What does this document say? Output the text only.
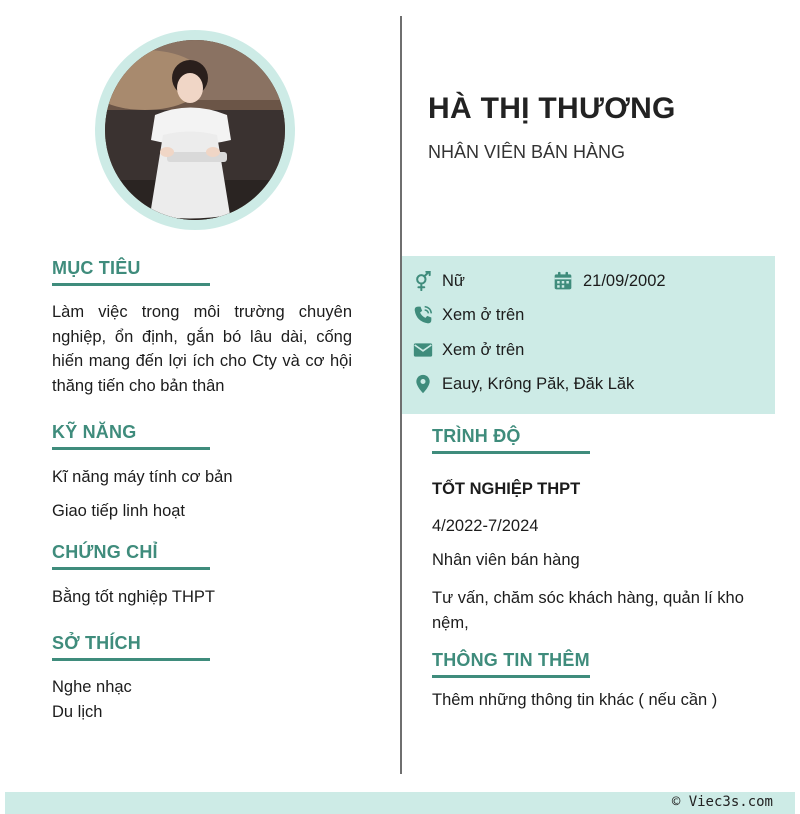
MỤC TIÊU
Làm việc trong môi trường chuyên nghiệp, ổn định, gắn bó lâu dài, cống hiến mang đến lợi ích cho Cty và cơ hội thăng tiến cho bản thân
KỸ NĂNG
Kĩ năng máy tính cơ bản
Giao tiếp linh hoạt
CHỨNG CHỈ
Bằng tốt nghiệp THPT
SỞ THÍCH
Nghe nhạc
Du lịch
HÀ THỊ THƯƠNG
NHÂN VIÊN BÁN HÀNG
Nữ	21/09/2002
Xem ở trên
Xem ở trên
Eauy, Krông Păk, Đăk Lăk
TRÌNH ĐỘ
TỐT NGHIỆP THPT
4/2022-7/2024
Nhân viên bán hàng
Tư vấn, chăm sóc khách hàng, quản lí kho nệm,
THÔNG TIN THÊM
Thêm những thông tin khác ( nếu cần )
© Viec3s.com
